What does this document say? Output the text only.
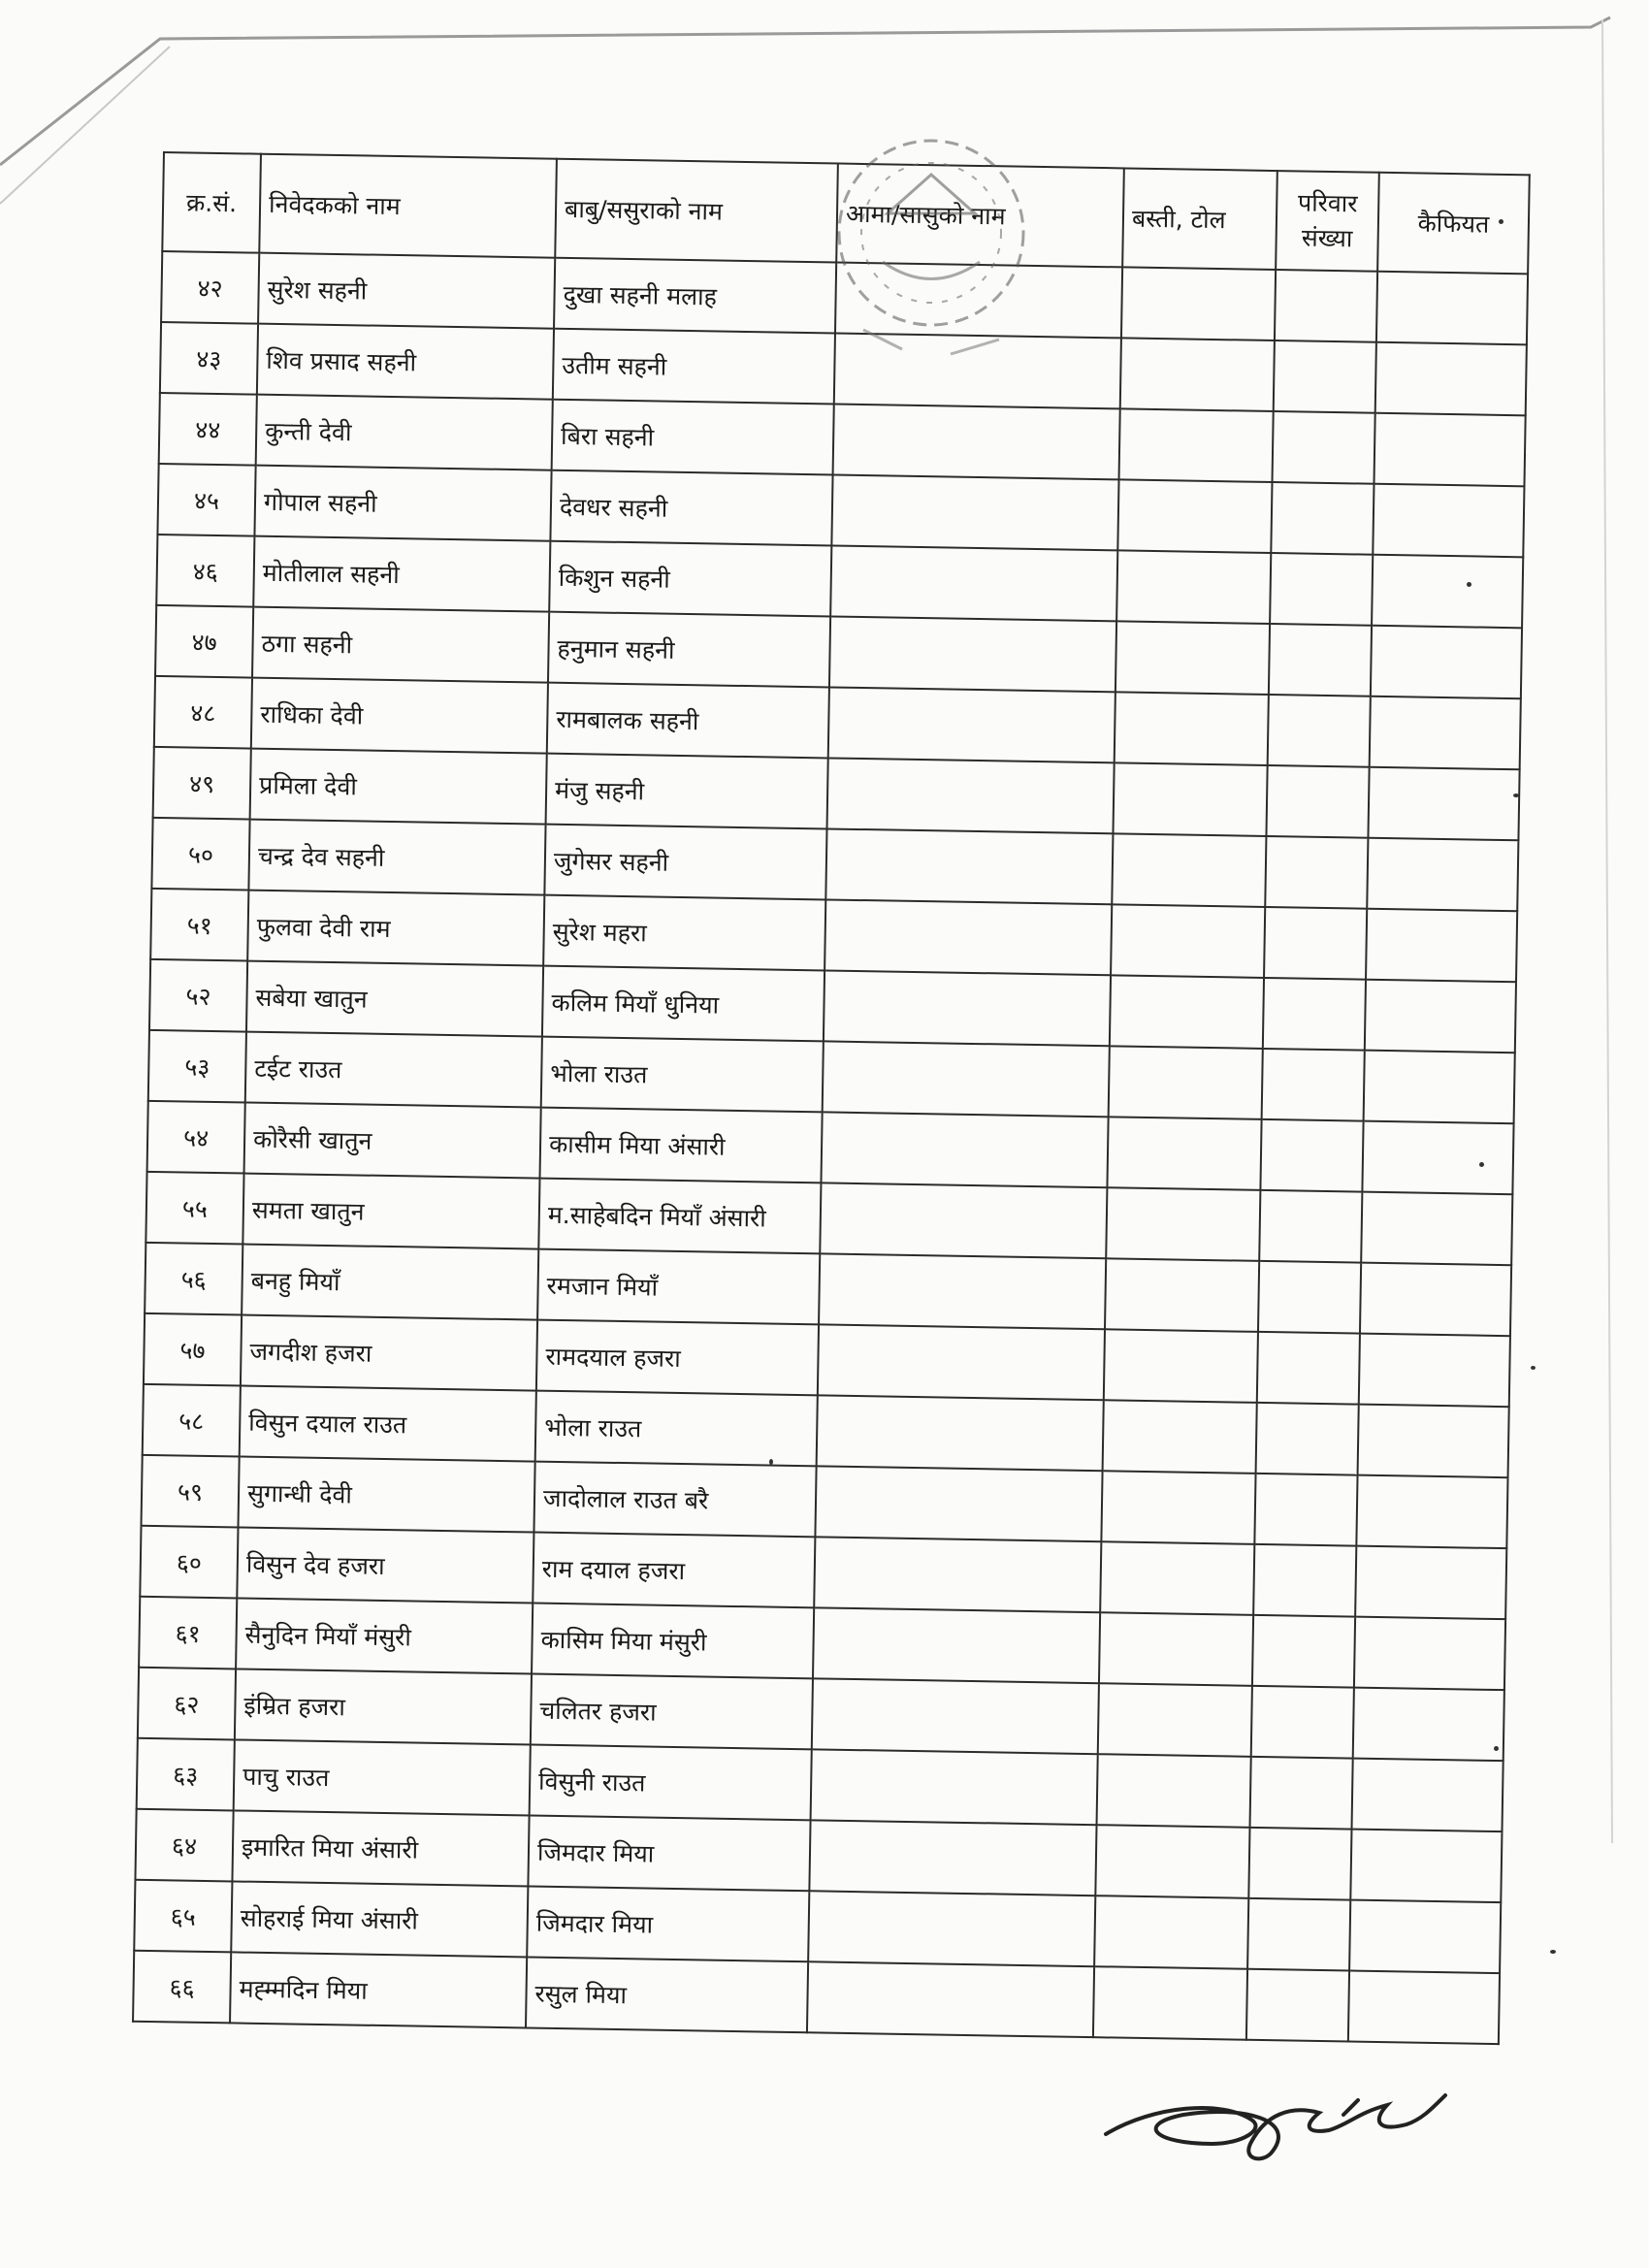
क्र.सं.	निवेदकको नाम	बाबु/ससुराको नाम	आमा/सासुको नाम	बस्ती, टोल	परिवार संख्या	कैफियत
४२	सुरेश सहनी	दुखा सहनी मलाह				
४३	शिव प्रसाद सहनी	उतीम सहनी				
४४	कुन्ती देवी	बिरा सहनी				
४५	गोपाल सहनी	देवधर सहनी				
४६	मोतीलाल सहनी	किशुन सहनी				
४७	ठगा सहनी	हनुमान सहनी				
४८	राधिका देवी	रामबालक सहनी				
४९	प्रमिला देवी	मंजु सहनी				
५०	चन्द्र देव सहनी	जुगेसर सहनी				
५१	फुलवा देवी राम	सुरेश महरा				
५२	सबेया खातुन	कलिम मियाँ धुनिया				
५३	टईट राउत	भोला राउत				
५४	कोरैसी खातुन	कासीम मिया अंसारी				
५५	समता खातुन	म.साहेबदिन मियाँ अंसारी				
५६	बनहु मियाँ	रमजान मियाँ				
५७	जगदीश हजरा	रामदयाल हजरा				
५८	विसुन दयाल राउत	भोला राउत				
५९	सुगान्धी देवी	जादोलाल राउत बरै				
६०	विसुन देव हजरा	राम दयाल हजरा				
६१	सैनुदिन मियाँ मंसुरी	कासिम मिया मंसुरी				
६२	इंम्रित हजरा	चलितर हजरा				
६३	पाचु राउत	विसुनी राउत				
६४	इमारित मिया अंसारी	जिमदार मिया				
६५	सोहराई मिया अंसारी	जिमदार मिया				
६६	मह्म्मदिन मिया	रसुल मिया				
